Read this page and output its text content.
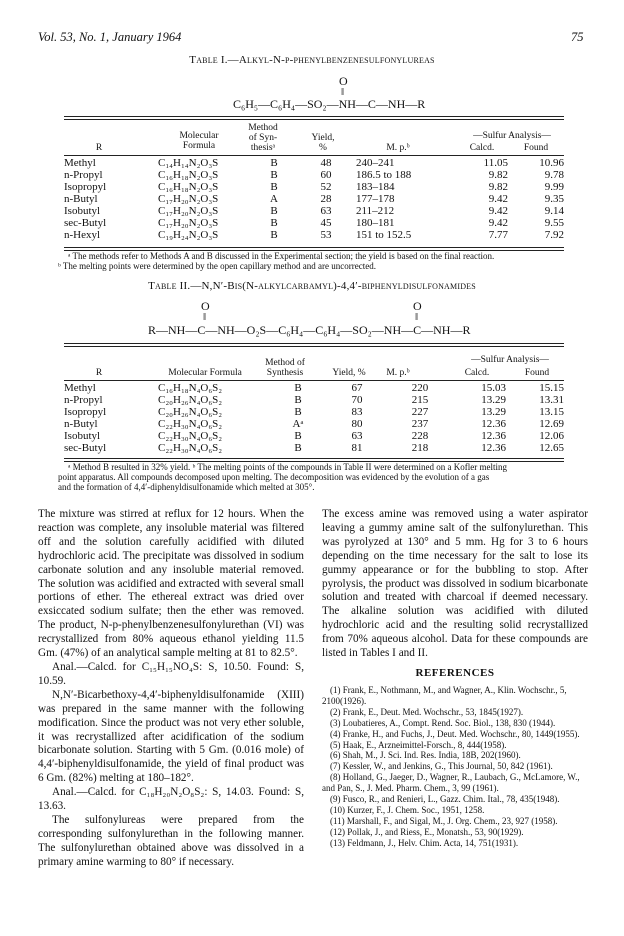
Vol. 53, No. 1, January 1964	75
Table I.—Alkyl-N-p-phenylbenzenesulfonylureas
O
‖
C₆H₅—C₆H₄—SO₂—NH—C—NH—R
R
Molecular
Formula
Method
of Syn-
thesisᵃ
Yield,
%	M. p.ᵇ
—Sulfur Analysis—
Calcd.	Found
Methyl	C₁₄H₁₄N₂O₃S	B	48	240–241	11.05	10.96
n-Propyl	C₁₆H₁₈N₂O₃S	B	60	186.5 to 188	9.82	9.78
Isopropyl	C₁₆H₁₈N₂O₃S	B	52	183–184	9.82	9.99
n-Butyl	C₁₇H₂₀N₂O₃S	A	28	177–178	9.42	9.35
Isobutyl	C₁₇H₂₀N₂O₃S	B	63	211–212	9.42	9.14
sec-Butyl	C₁₇H₂₀N₂O₃S	B	45	180–181	9.42	9.55
n-Hexyl	C₁₉H₂₄N₂O₃S	B	53	151 to 152.5	7.77	7.92
ᵃ The methods refer to Methods A and B discussed in the Experimental section; the yield is based on the final reaction.
ᵇ The melting points were determined by the open capillary method and are uncorrected.
Table II.—N,N′-Bis(N-alkylcarbamyl)-4,4′-biphenyldisulfonamides
O	O
‖	‖
R—NH—C—NH—O₂S—C₆H₄—C₆H₄—SO₂—NH—C—NH—R
R	Molecular Formula
Method of
Synthesis	Yield, %	M. p.ᵇ
—Sulfur Analysis—
Calcd.	Found
Methyl	C₁₆H₁₈N₄O₆S₂	B	67	220	15.03	15.15
n-Propyl	C₂₀H₂₆N₄O₆S₂	B	70	215	13.29	13.31
Isopropyl	C₂₀H₂₆N₄O₆S₂	B	83	227	13.29	13.15
n-Butyl	C₂₂H₃₀N₄O₆S₂	Aᵃ	80	237	12.36	12.69
Isobutyl	C₂₂H₃₀N₄O₆S₂	B	63	228	12.36	12.06
sec-Butyl	C₂₂H₃₀N₄O₆S₂	B	81	218	12.36	12.65
ᵃ Method B resulted in 32% yield. ᵇ The melting points of the compounds in Table II were determined on a Kofler melting
point apparatus. All compounds decomposed upon melting. The decomposition was evidenced by the evolution of a gas
and the formation of 4,4′-diphenyldisulfonamide which melted at 305°.

The mixture was stirred at reflux for 12 hours. When the reaction was complete, any insoluble material was filtered off and the solution carefully acidified with diluted hydrochloric acid. The precipitate was dissolved in sodium carbonate solution and any insoluble material removed. The solution was acidified and extracted with several small portions of ether. The ethereal extract was dried over exsiccated sodium sulfate; then the ether was removed. The product, N-p-phenylbenzenesulfonylurethan (VI) was recrystallized from 80% aqueous ethanol yielding 11.5 Gm. (47%) of an analytical sample melting at 81 to 82.5°.

Anal.—Calcd. for C₁₅H₁₅NO₄S: S, 10.50. Found: S, 10.59.

N,N′-Bicarbethoxy-4,4′-biphenyldisulfonamide (XIII) was prepared in the same manner with the following modification. Since the product was not very ether soluble, it was recrystallized after acidification of the sodium bicarbonate solution. Starting with 5 Gm. (0.016 mole) of 4,4′-biphenyldisulfonamide, the yield of final product was 6 Gm. (82%) melting at 180–182°.

Anal.—Calcd. for C₁₈H₂₀N₂O₈S₂: S, 14.03. Found: S, 13.63.

The sulfonylureas were prepared from the corresponding sulfonylurethan in the following manner. The sulfonylurethan obtained above was dissolved in a primary amine warming to 80° if necessary.

The excess amine was removed using a water aspirator leaving a gummy amine salt of the sulfonylurethan. This was pyrolyzed at 130° and 5 mm. Hg for 3 to 6 hours depending on the time necessary for the salt to lose its gummy appearance or for the bubbling to stop. After pyrolysis, the product was dissolved in sodium bicarbonate solution and treated with charcoal if deemed necessary. The alkaline solution was acidified with diluted hydrochloric acid and the resulting solid recrystallized from 70% aqueous alcohol. Data for these compounds are listed in Tables I and II.

REFERENCES
(1) Frank, E., Nothmann, M., and Wagner, A., Klin. Wochschr., 5, 2100(1926).
(2) Frank, E., Deut. Med. Wochschr., 53, 1845(1927).
(3) Loubatieres, A., Compt. Rend. Soc. Biol., 138, 830 (1944).
(4) Franke, H., and Fuchs, J., Deut. Med. Wochschr., 80, 1449(1955).
(5) Haak, E., Arzneimittel-Forsch., 8, 444(1958).
(6) Shah, M., J. Sci. Ind. Res. India, 18B, 202(1960).
(7) Kessler, W., and Jenkins, G., This Journal, 50, 842 (1961).
(8) Holland, G., Jaeger, D., Wagner, R., Laubach, G., McLamore, W., and Pan, S., J. Med. Pharm. Chem., 3, 99 (1961).
(9) Fusco, R., and Renieri, L., Gazz. Chim. Ital., 78, 435(1948).
(10) Kurzer, F., J. Chem. Soc., 1951, 1258.
(11) Marshall, F., and Sigal, M., J. Org. Chem., 23, 927 (1958).
(12) Pollak, J., and Riess, E., Monatsh., 53, 90(1929).
(13) Feldmann, J., Helv. Chim. Acta, 14, 751(1931).
